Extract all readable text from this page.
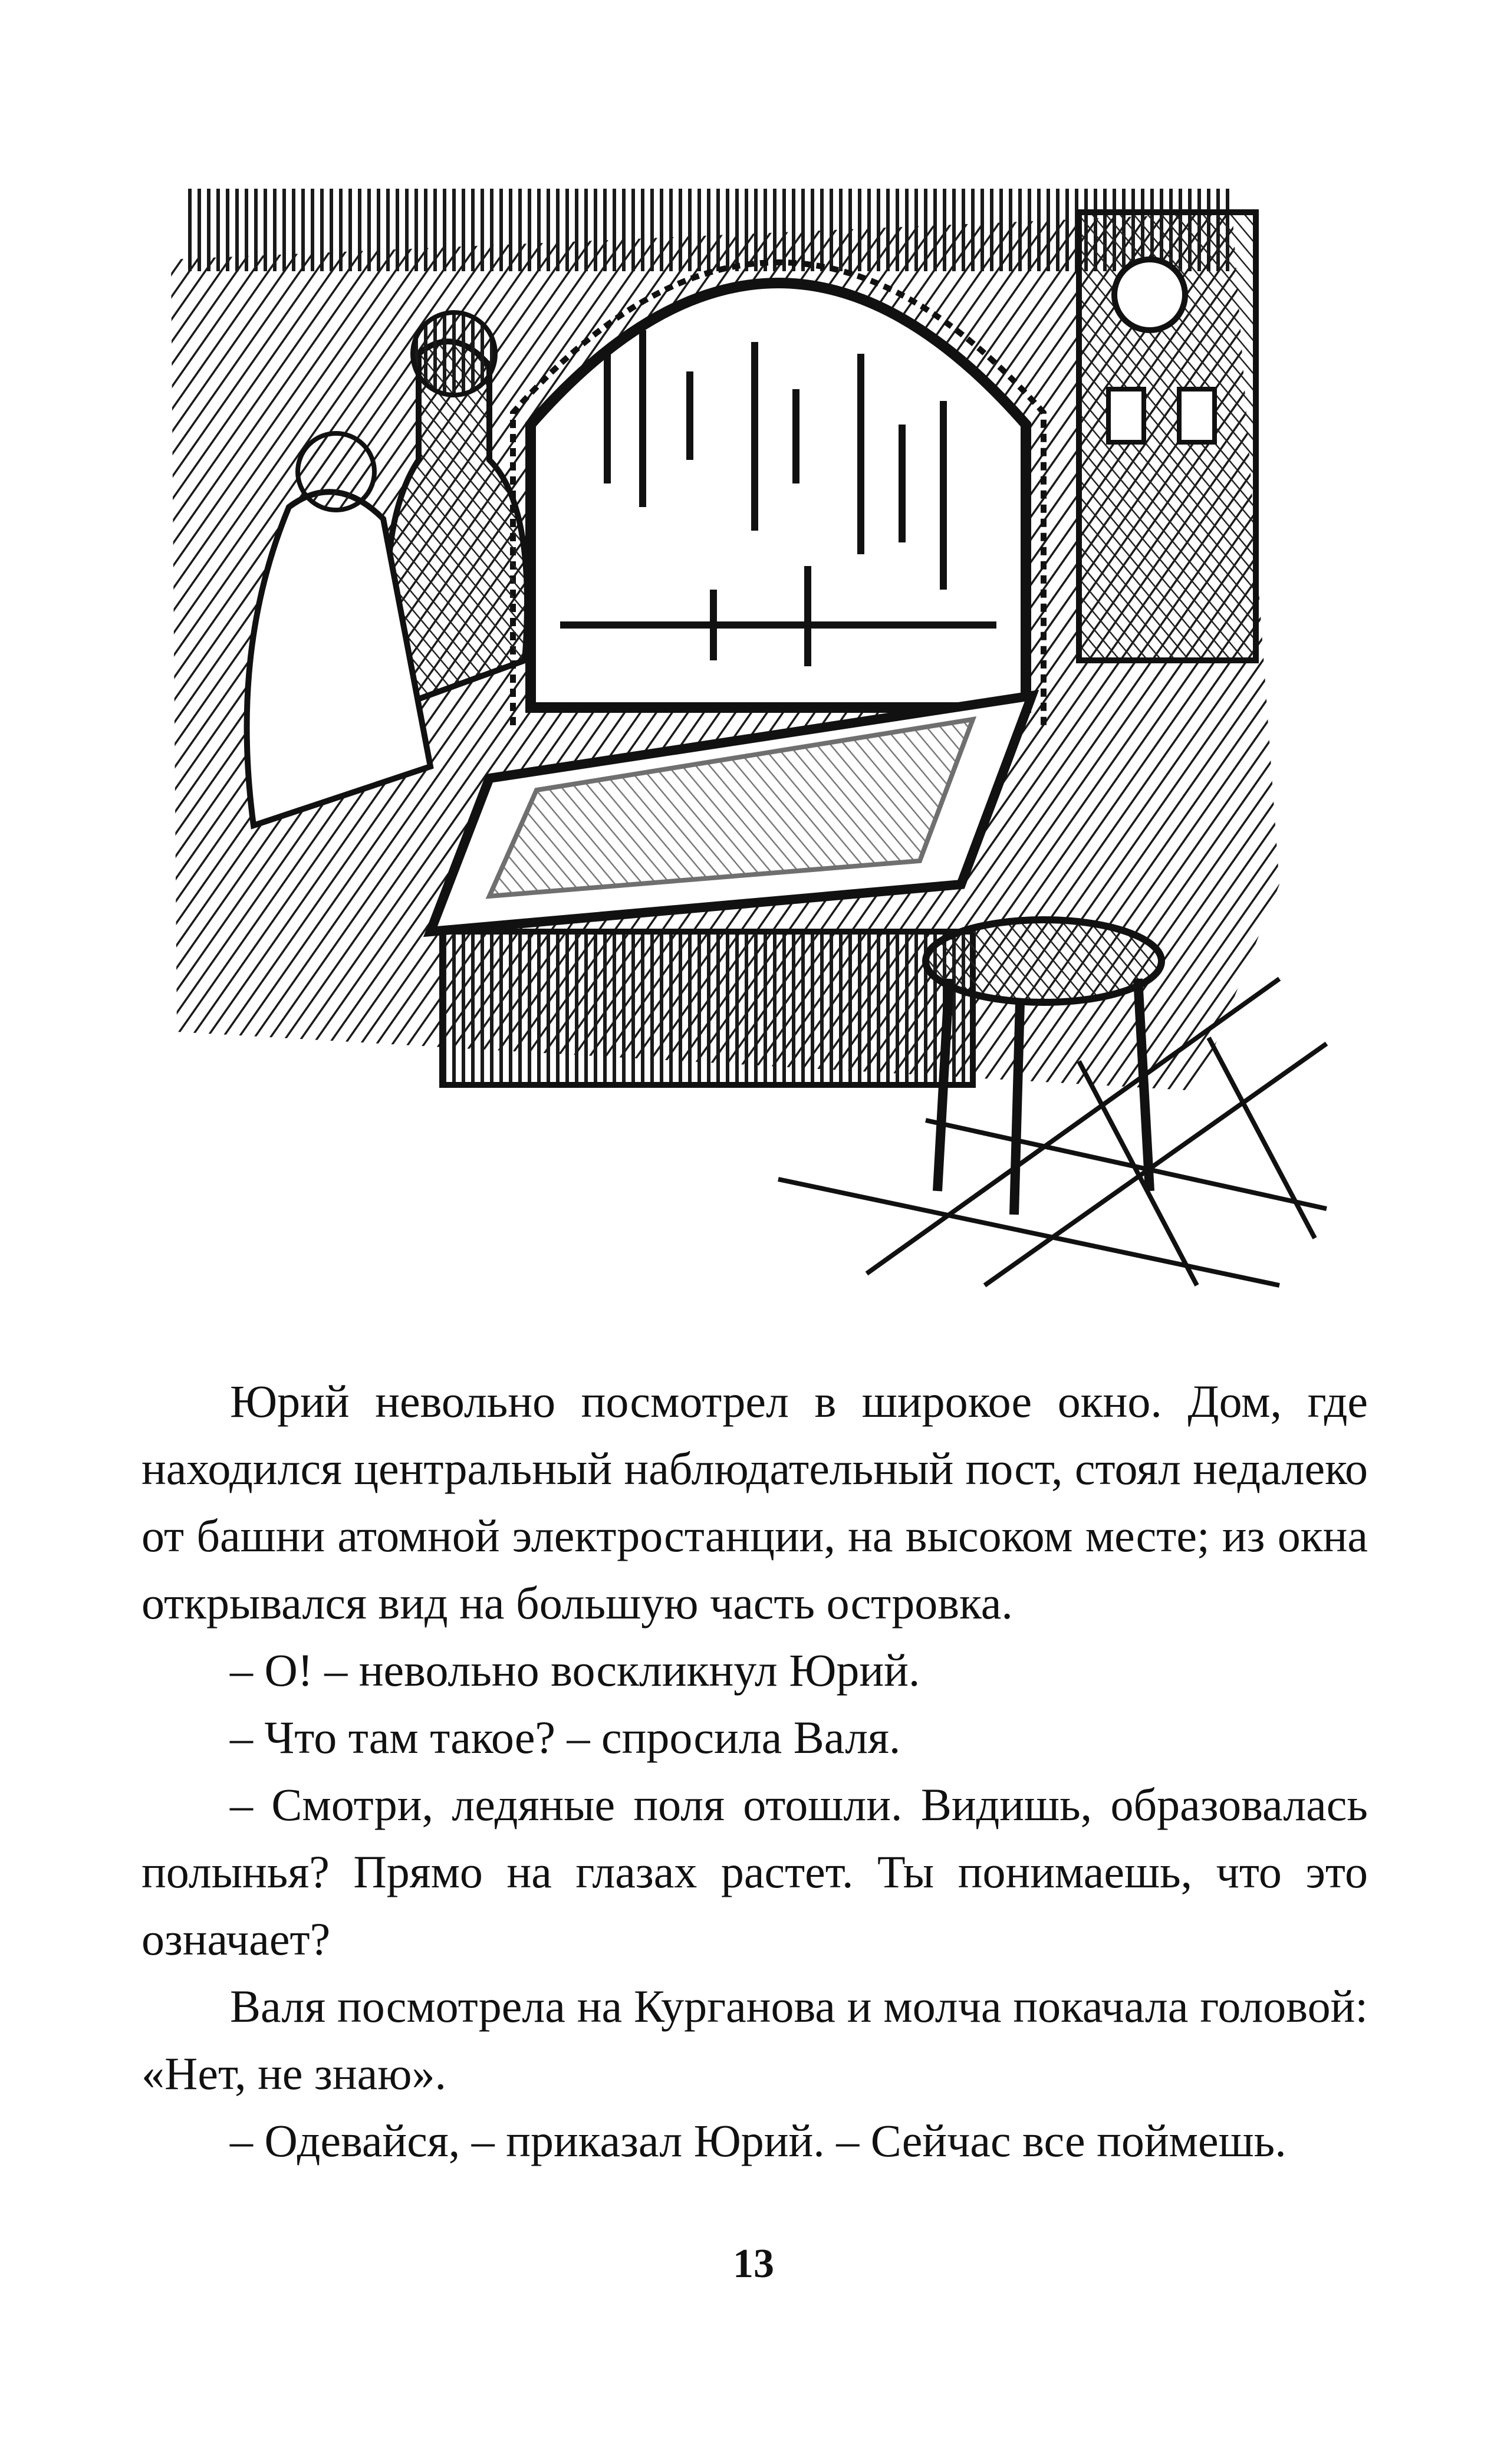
Юрий невольно посмотрел в широкое окно. Дом, где находился центральный наблюдательный пост, стоял недалеко от башни атомной электростанции, на высоком месте; из окна открывался вид на большую часть островка.

– О! – невольно воскликнул Юрий.

– Что там такое? – спросила Валя.

– Смотри, ледяные поля отошли. Видишь, образовалась полынья? Прямо на глазах растет. Ты понимаешь, что это означает?

Валя посмотрела на Курганова и молча покачала головой: «Нет, не знаю».

– Одевайся, – приказал Юрий. – Сейчас все поймешь.

13
